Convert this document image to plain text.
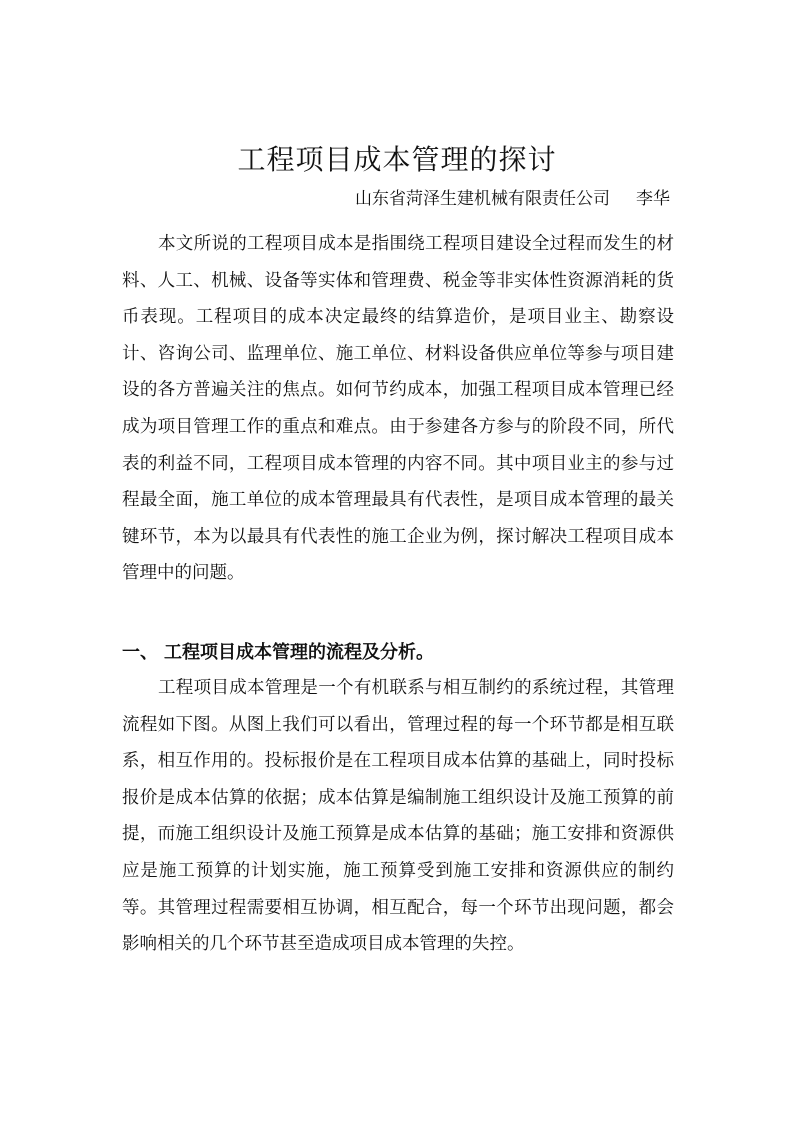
工程项目成本管理的探讨

山东省菏泽生建机械有限责任公司 李华

本文所说的工程项目成本是指围绕工程项目建设全过程而发生的材料、人工、机械、设备等实体和管理费、税金等非实体性资源消耗的货币表现。工程项目的成本决定最终的结算造价，是项目业主、勘察设计、咨询公司、监理单位、施工单位、材料设备供应单位等参与项目建设的各方普遍关注的焦点。如何节约成本，加强工程项目成本管理已经成为项目管理工作的重点和难点。由于参建各方参与的阶段不同，所代表的利益不同，工程项目成本管理的内容不同。其中项目业主的参与过程最全面，施工单位的成本管理最具有代表性，是项目成本管理的最关键环节，本为以最具有代表性的施工企业为例，探讨解决工程项目成本管理中的问题。

一、 工程项目成本管理的流程及分析。

工程项目成本管理是一个有机联系与相互制约的系统过程，其管理流程如下图。从图上我们可以看出，管理过程的每一个环节都是相互联系，相互作用的。投标报价是在工程项目成本估算的基础上，同时投标报价是成本估算的依据；成本估算是编制施工组织设计及施工预算的前提，而施工组织设计及施工预算是成本估算的基础；施工安排和资源供应是施工预算的计划实施，施工预算受到施工安排和资源供应的制约等。其管理过程需要相互协调，相互配合，每一个环节出现问题，都会影响相关的几个环节甚至造成项目成本管理的失控。
